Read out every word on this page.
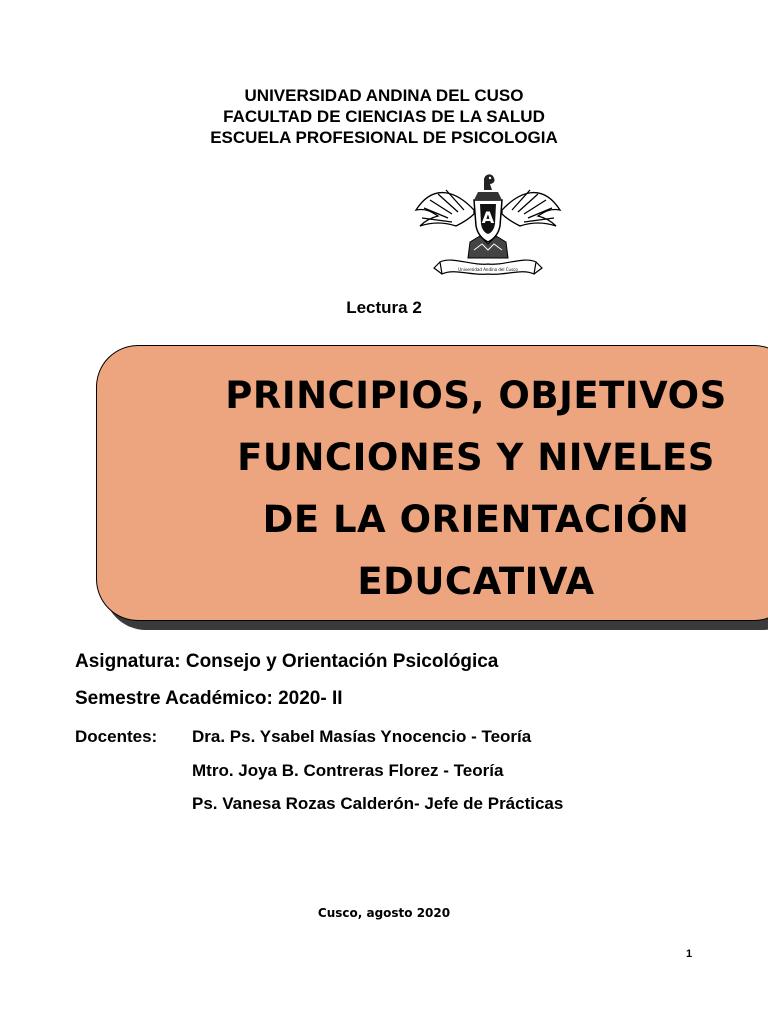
UNIVERSIDAD ANDINA DEL CUSO
FACULTAD DE CIENCIAS DE LA SALUD
ESCUELA PROFESIONAL DE PSICOLOGIA
A
Universidad Andina del Cusco
Lectura 2
PRINCIPIOS, OBJETIVOS
FUNCIONES Y NIVELES
DE LA ORIENTACIÓN
EDUCATIVA
Asignatura: Consejo y Orientación Psicológica
Semestre Académico: 2020- II
Docentes: Dra. Ps. Ysabel Masías Ynocencio - Teoría
Mtro. Joya B. Contreras Florez - Teoría
Ps. Vanesa Rozas Calderón- Jefe de Prácticas
Cusco, agosto 2020
1
